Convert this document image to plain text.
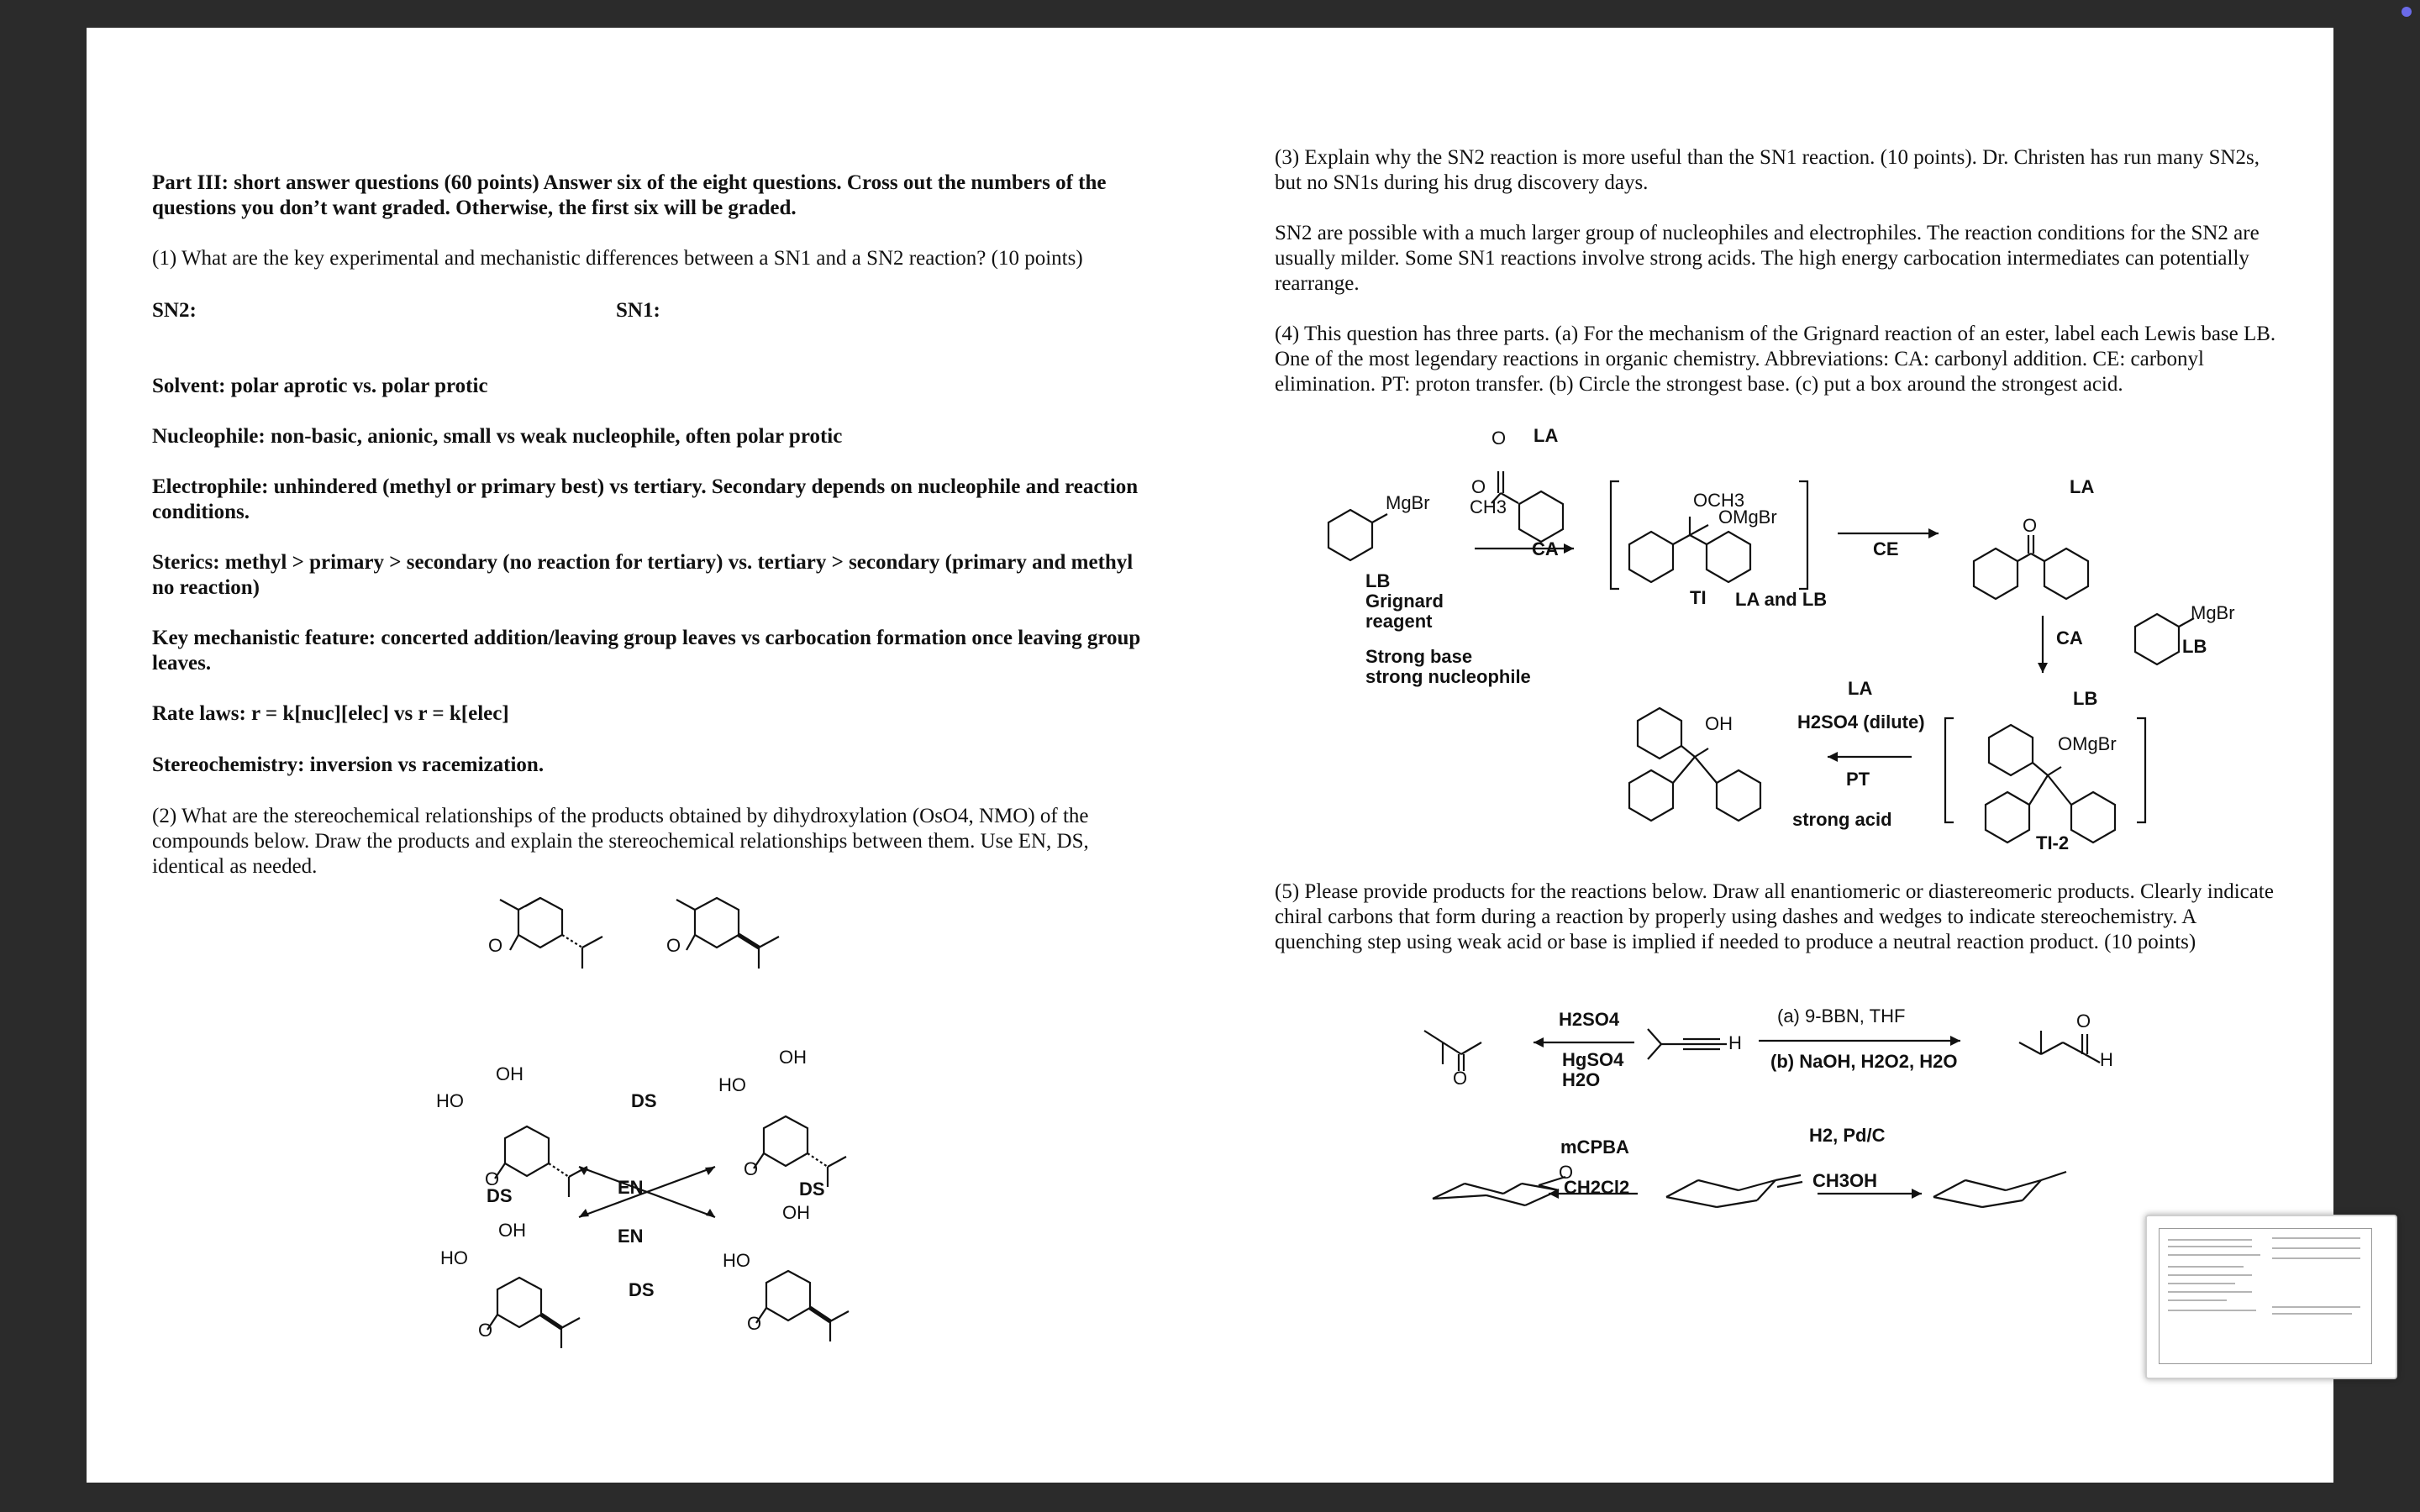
Part III: short answer questions (60 points) Answer six of the eight questions. Cross out the numbers of the questions you don’t want graded. Otherwise, the first six will be graded.
(1) What are the key experimental and mechanistic differences between a SN1 and a SN2 reaction? (10 points)
SN2:	SN1:
Solvent: polar aprotic vs. polar protic
Nucleophile: non-basic, anionic, small vs weak nucleophile, often polar protic
Electrophile: unhindered (methyl or primary best) vs tertiary. Secondary depends on nucleophile and reaction conditions.
Sterics: methyl > primary > secondary (no reaction for tertiary) vs. tertiary > secondary (primary and methyl no reaction)
Key mechanistic feature: concerted addition/leaving group leaves vs carbocation formation once leaving group leaves.
Rate laws: r = k[nuc][elec] vs r = k[elec]
Stereochemistry: inversion vs racemization.
(2) What are the stereochemical relationships of the products obtained by dihydroxylation (OsO4, NMO) of the compounds below. Draw the products and explain the stereochemical relationships between them. Use EN, DS, identical as needed.
O	O
O	O
O	O
OH
HO	DS
OH
HO
DS	EN	DS
OH	EN
OH
HO	HO
DS
(3) Explain why the SN2 reaction is more useful than the SN1 reaction. (10 points). Dr. Christen has run many SN2s, but no SN1s during his drug discovery days.
SN2 are possible with a much larger group of nucleophiles and electrophiles. The reaction conditions for the SN2 are usually milder. Some SN1 reactions involve strong acids. The high energy carbocation intermediates can potentially rearrange.
(4) This question has three parts. (a) For the mechanism of the Grignard reaction of an ester, label each Lewis base LB. One of the most legendary reactions in organic chemistry. Abbreviations: CA: carbonyl addition. CE: carbonyl elimination. PT: proton transfer. (b) Circle the strongest base. (c) put a box around the strongest acid.
LA
O
MgBr
O
CH3
CA
LB
Grignard
reagent
Strong base
strong nucleophile
OCH3
OMgBr
TI LA and LB
CE
LA
O
CA
MgBr
LB
LB
OMgBr
TI-2
LA
H2SO4 (dilute)
PT
strong acid
OH
(5) Please provide products for the reactions below. Draw all enantiomeric or diastereomeric products. Clearly indicate chiral carbons that form during a reaction by properly using dashes and wedges to indicate stereochemistry. A quenching step using weak acid or base is implied if needed to produce a neutral reaction product. (10 points)
H2SO4
HgSO4
H2O
H
O
(a) 9-BBN, THF
(b) NaOH, H2O2, H2O
O
H
mCPBA
CH2Cl2
O
H2, Pd/C
CH3OH
